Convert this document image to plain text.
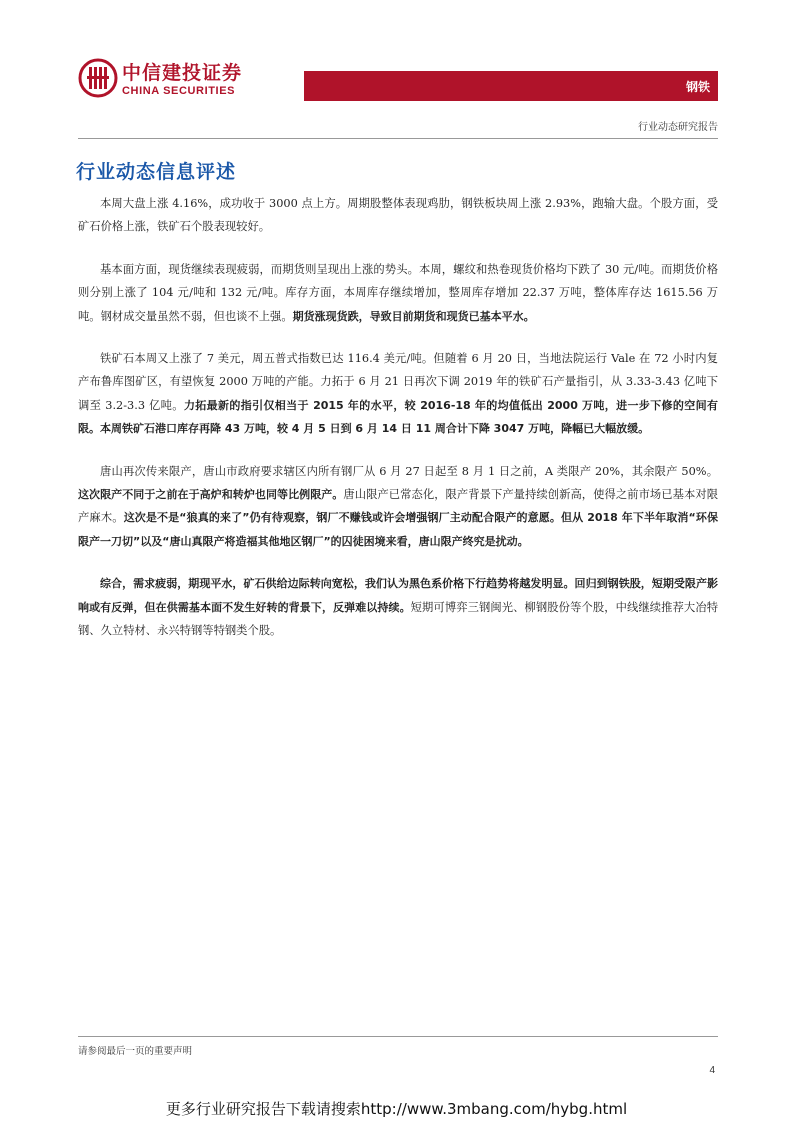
中信建投证券
CHINA SECURITIES	钢铁
行业动态研究报告
行业动态信息评述

本周大盘上涨 4.16%，成功收于 3000 点上方。周期股整体表现鸡肋，钢铁板块周上涨 2.93%，跑输大盘。个股方面，受矿石价格上涨，铁矿石个股表现较好。

基本面方面，现货继续表现疲弱，而期货则呈现出上涨的势头。本周，螺纹和热卷现货价格均下跌了 30 元/吨。而期货价格则分别上涨了 104 元/吨和 132 元/吨。库存方面，本周库存继续增加，整周库存增加 22.37 万吨，整体库存达 1615.56 万吨。钢材成交量虽然不弱，但也谈不上强。期货涨现货跌，导致目前期货和现货已基本平水。

铁矿石本周又上涨了 7 美元，周五普式指数已达 116.4 美元/吨。但随着 6 月 20 日，当地法院运行 Vale 在 72 小时内复产布鲁库图矿区，有望恢复 2000 万吨的产能。力拓于 6 月 21 日再次下调 2019 年的铁矿石产量指引，从 3.33-3.43 亿吨下调至 3.2-3.3 亿吨。力拓最新的指引仅相当于 2015 年的水平，较 2016-18 年的均值低出 2000 万吨，进一步下修的空间有限。本周铁矿石港口库存再降 43 万吨，较 4 月 5 日到 6 月 14 日 11 周合计下降 3047 万吨，降幅已大幅放缓。

唐山再次传来限产，唐山市政府要求辖区内所有钢厂从 6 月 27 日起至 8 月 1 日之前，A 类限产 20%，其余限产 50%。这次限产不同于之前在于高炉和转炉也同等比例限产。唐山限产已常态化，限产背景下产量持续创新高，使得之前市场已基本对限产麻木。这次是不是“狼真的来了”仍有待观察，钢厂不赚钱或许会增强钢厂主动配合限产的意愿。但从 2018 年下半年取消“环保限产一刀切”以及“唐山真限产将造福其他地区钢厂”的囚徒困境来看，唐山限产终究是扰动。

综合，需求疲弱，期现平水，矿石供给边际转向宽松，我们认为黑色系价格下行趋势将越发明显。回归到钢铁股，短期受限产影响或有反弹，但在供需基本面不发生好转的背景下，反弹难以持续。短期可博弈三钢闽光、柳钢股份等个股，中线继续推荐大冶特钢、久立特材、永兴特钢等特钢类个股。

请参阅最后一页的重要声明
4
更多行业研究报告下载请搜索http://www.3mbang.com/hybg.html
